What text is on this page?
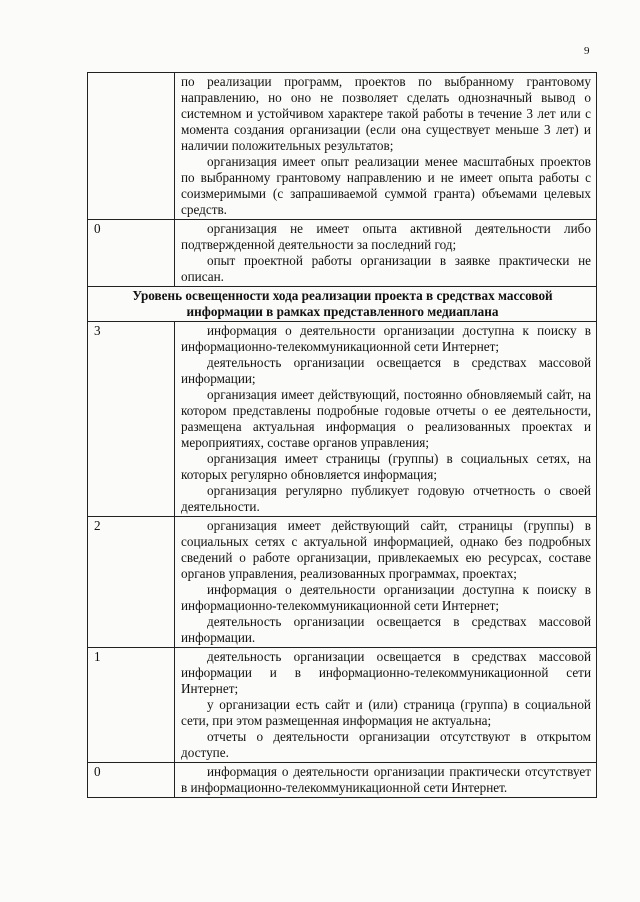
9

	по реализации программ, проектов по выбранному грантовому направлению, но оно не позволяет сделать однозначный вывод о системном и устойчивом характере такой работы в течение 3 лет или с момента создания организации (если она существует меньше 3 лет) и наличии положительных результатов;

организация имеет опыт реализации менее масштабных проектов по выбранному грантовому направлению и не имеет опыта работы с соизмеримыми (с запрашиваемой суммой гранта) объемами целевых средств.

0	организация не имеет опыта активной деятельности либо подтвержденной деятельности за последний год;

опыт проектной работы организации в заявке практически не описан.

Уровень освещенности хода реализации проекта в средствах массовой информации в рамках представленного медиаплана	
3	информация о деятельности организации доступна к поиску в информационно-телекоммуникационной сети Интернет;

деятельность организации освещается в средствах массовой информации;

организация имеет действующий, постоянно обновляемый сайт, на котором представлены подробные годовые отчеты о ее деятельности, размещена актуальная информация о реализованных проектах и мероприятиях, составе органов управления;

организация имеет страницы (группы) в социальных сетях, на которых регулярно обновляется информация;

организация регулярно публикует годовую отчетность о своей деятельности.

2	организация имеет действующий сайт, страницы (группы) в социальных сетях с актуальной информацией, однако без подробных сведений о работе организации, привлекаемых ею ресурсах, составе органов управления, реализованных программах, проектах;

информация о деятельности организации доступна к поиску в информационно-телекоммуникационной сети Интернет;

деятельность организации освещается в средствах массовой информации.

1	деятельность организации освещается в средствах массовой информации и в информационно-телекоммуникационной сети Интернет;

у организации есть сайт и (или) страница (группа) в социальной сети, при этом размещенная информация не актуальна;

отчеты о деятельности организации отсутствуют в открытом доступе.

0	информация о деятельности организации практически отсутствует в информационно-телекоммуникационной сети Интернет.
